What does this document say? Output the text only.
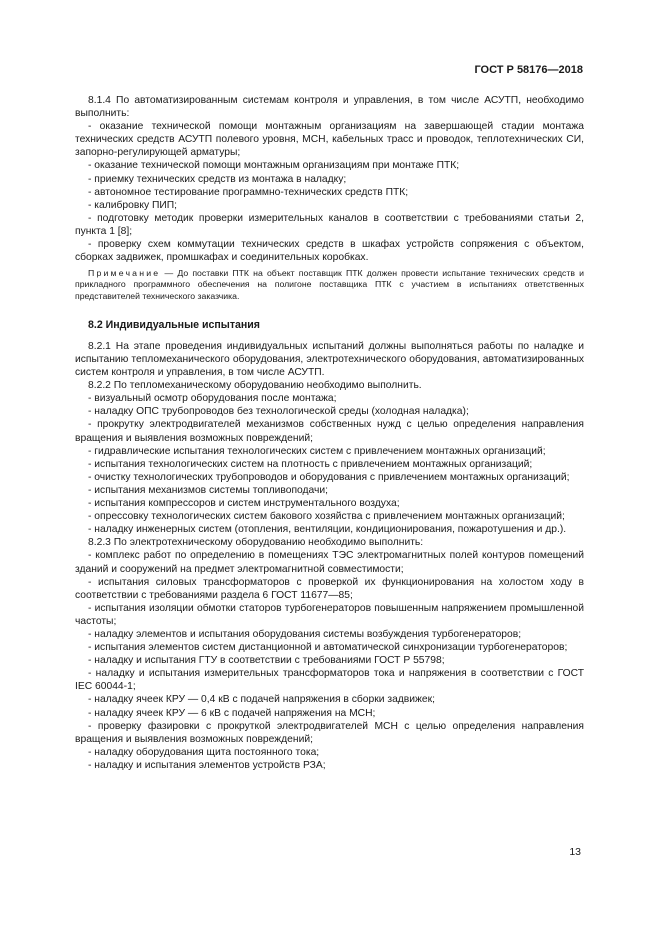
ГОСТ Р 58176—2018

8.1.4 По автоматизированным системам контроля и управления, в том числе АСУТП, необходимо выполнить:

- оказание технической помощи монтажным организациям на завершающей стадии монтажа технических средств АСУТП полевого уровня, МСН, кабельных трасс и проводок, теплотехнических СИ, запорно-регулирующей арматуры;

- оказание технической помощи монтажным организациям при монтаже ПТК;

- приемку технических средств из монтажа в наладку;

- автономное тестирование программно-технических средств ПТК;

- калибровку ПИП;

- подготовку методик проверки измерительных каналов в соответствии с требованиями статьи 2, пункта 1 [8];

- проверку схем коммутации технических средств в шкафах устройств сопряжения с объектом, сборках задвижек, промшкафах и соединительных коробках.

Примечание — До поставки ПТК на объект поставщик ПТК должен провести испытание технических средств и прикладного программного обеспечения на полигоне поставщика ПТК с участием в испытаниях ответственных представителей технического заказчика.

8.2 Индивидуальные испытания

8.2.1 На этапе проведения индивидуальных испытаний должны выполняться работы по наладке и испытанию тепломеханического оборудования, электротехнического оборудования, автоматизированных систем контроля и управления, в том числе АСУТП.

8.2.2 По тепломеханическому оборудованию необходимо выполнить.

- визуальный осмотр оборудования после монтажа;

- наладку ОПС трубопроводов без технологической среды (холодная наладка);

- прокрутку электродвигателей механизмов собственных нужд с целью определения направления вращения и выявления возможных повреждений;

- гидравлические испытания технологических систем с привлечением монтажных организаций;

- испытания технологических систем на плотность с привлечением монтажных организаций;

- очистку технологических трубопроводов и оборудования с привлечением монтажных организаций;

- испытания механизмов системы топливоподачи;

- испытания компрессоров и систем инструментального воздуха;

- опрессовку технологических систем бакового хозяйства с привлечением монтажных организаций;

- наладку инженерных систем (отопления, вентиляции, кондиционирования, пожаротушения и др.).

8.2.3 По электротехническому оборудованию необходимо выполнить:

- комплекс работ по определению в помещениях ТЭС электромагнитных полей контуров помещений зданий и сооружений на предмет электромагнитной совместимости;

- испытания силовых трансформаторов с проверкой их функционирования на холостом ходу в соответствии с требованиями раздела 6 ГОСТ 11677—85;

- испытания изоляции обмотки статоров турбогенераторов повышенным напряжением промышленной частоты;

- наладку элементов и испытания оборудования системы возбуждения турбогенераторов;

- испытания элементов систем дистанционной и автоматической синхронизации турбогенераторов;

- наладку и испытания ГТУ в соответствии с требованиями ГОСТ Р 55798;

- наладку и испытания измерительных трансформаторов тока и напряжения в соответствии с ГОСТ IEC 60044-1;

- наладку ячеек КРУ — 0,4 кВ с подачей напряжения в сборки задвижек;

- наладку ячеек КРУ — 6 кВ с подачей напряжения на МСН;

- проверку фазировки с прокруткой электродвигателей МСН с целью определения направления вращения и выявления возможных повреждений;

- наладку оборудования щита постоянного тока;

- наладку и испытания элементов устройств РЗА;

13
